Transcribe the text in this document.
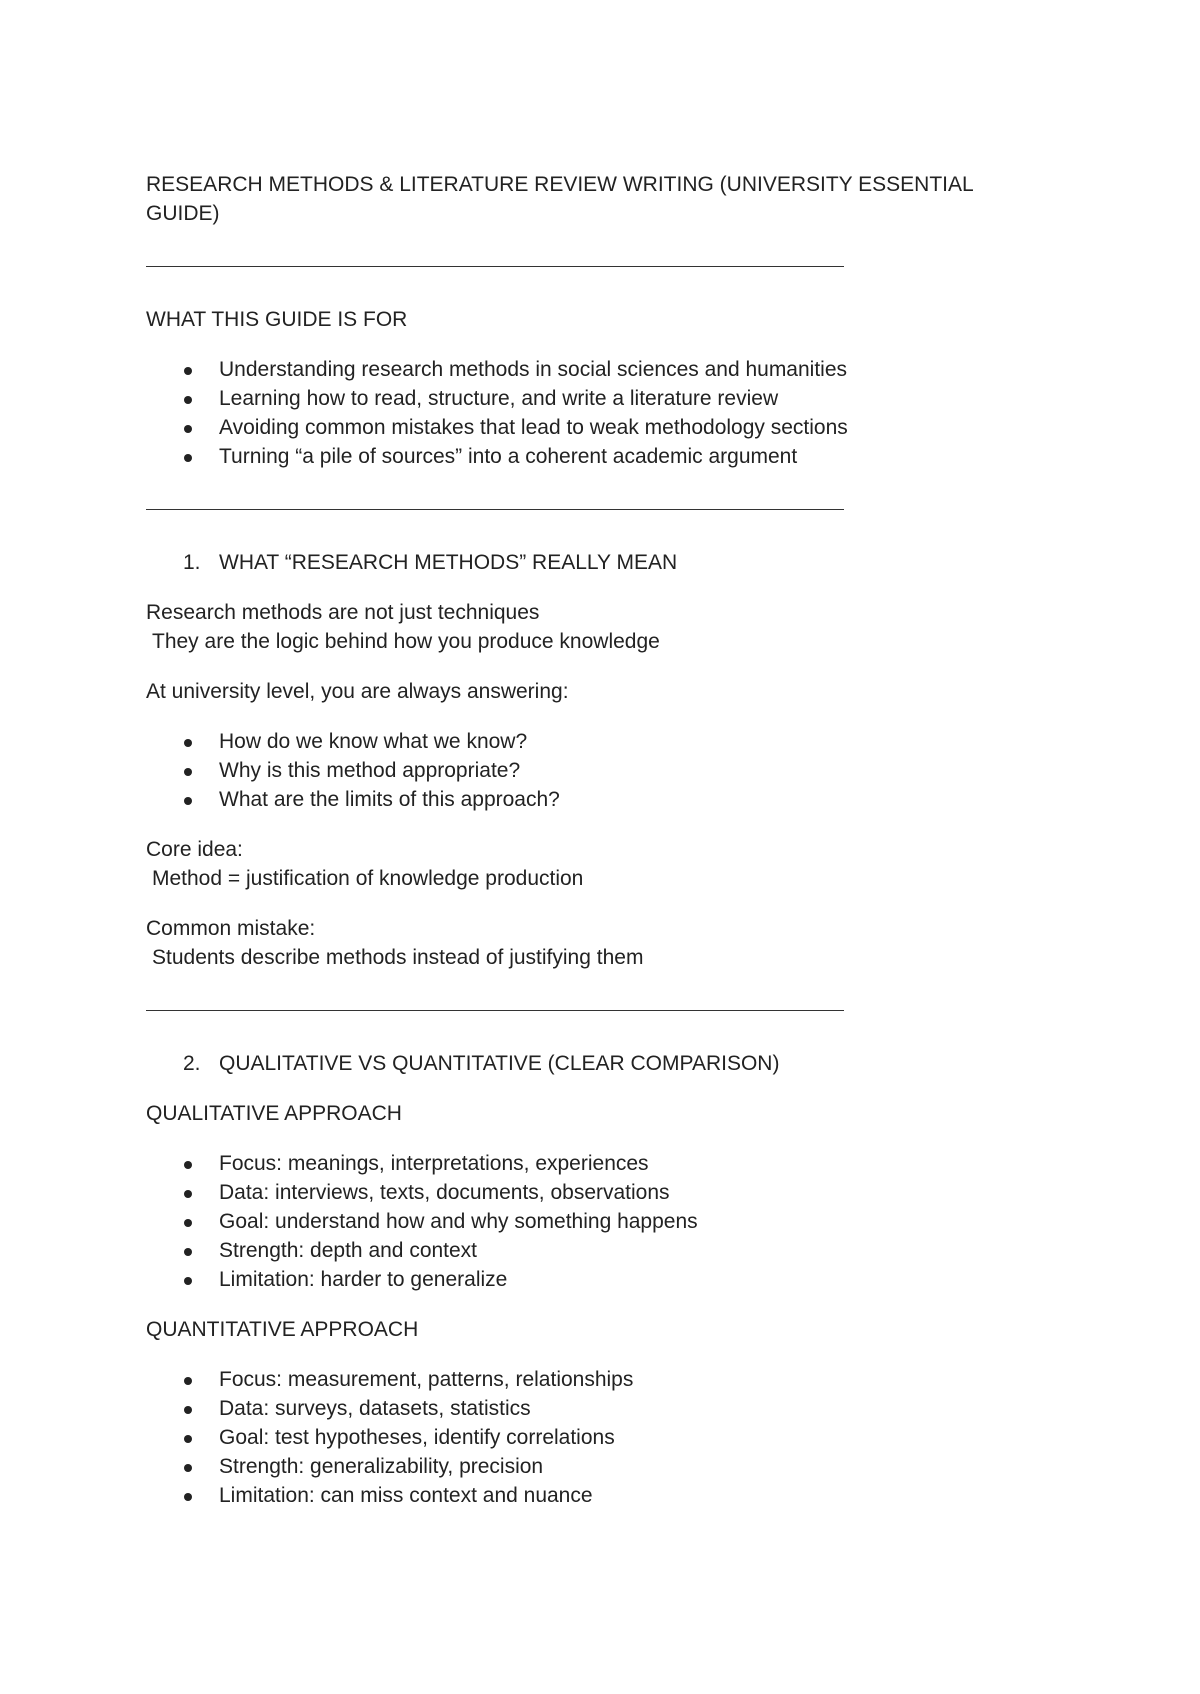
RESEARCH METHODS & LITERATURE REVIEW WRITING (UNIVERSITY ESSENTIAL GUIDE)

WHAT THIS GUIDE IS FOR

Understanding research methods in social sciences and humanities
Learning how to read, structure, and write a literature review
Avoiding common mistakes that lead to weak methodology sections
Turning “a pile of sources” into a coherent academic argument
1. WHAT “RESEARCH METHODS” REALLY MEAN

Research methods are not just techniques

They are the logic behind how you produce knowledge

At university level, you are always answering:

How do we know what we know?
Why is this method appropriate?
What are the limits of this approach?

Core idea:

Method = justification of knowledge production

Common mistake:

Students describe methods instead of justifying them

2. QUALITATIVE VS QUANTITATIVE (CLEAR COMPARISON)

QUALITATIVE APPROACH

Focus: meanings, interpretations, experiences
Data: interviews, texts, documents, observations
Goal: understand how and why something happens
Strength: depth and context
Limitation: harder to generalize

QUANTITATIVE APPROACH

Focus: measurement, patterns, relationships
Data: surveys, datasets, statistics
Goal: test hypotheses, identify correlations
Strength: generalizability, precision
Limitation: can miss context and nuance
